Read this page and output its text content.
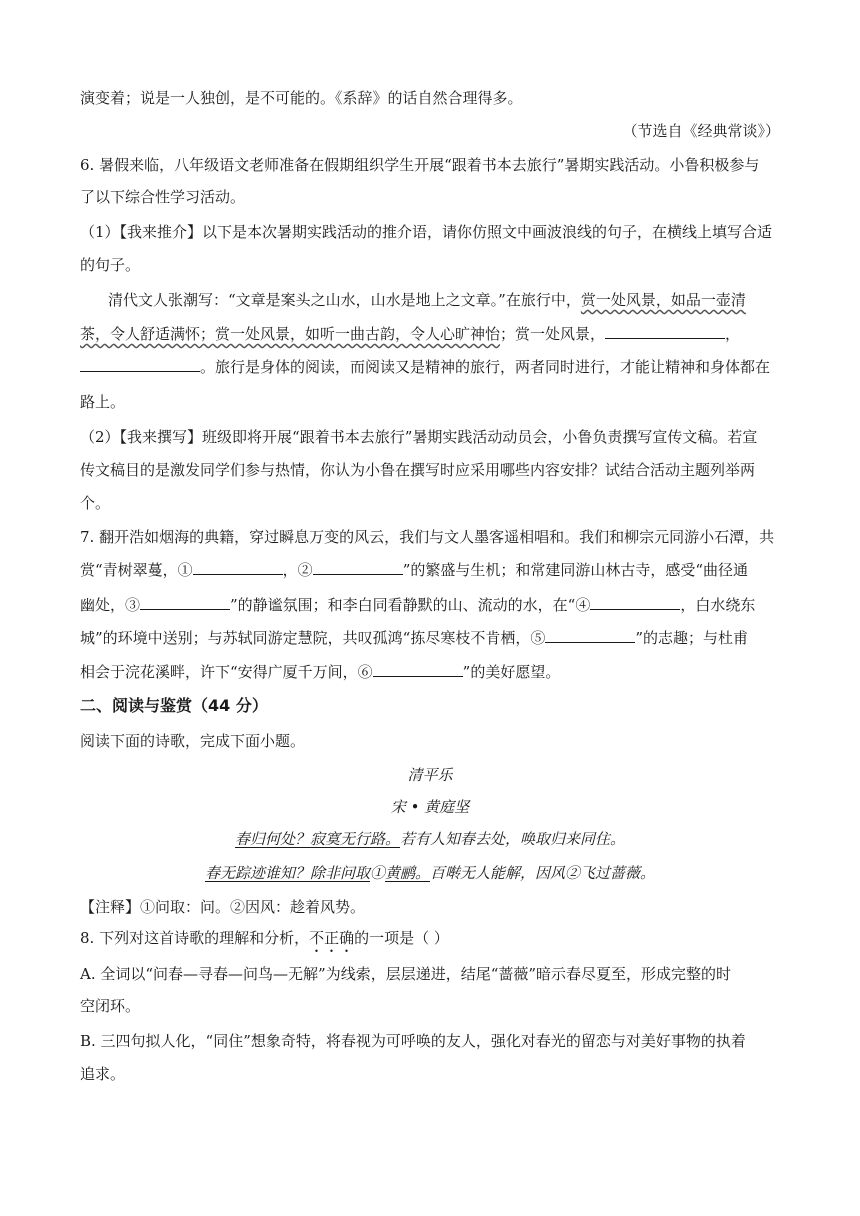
演变着；说是一人独创，是不可能的。《系辞》的话自然合理得多。
（节选自《经典常谈》）
6. 暑假来临，八年级语文老师准备在假期组织学生开展“跟着书本去旅行”暑期实践活动。小鲁积极参与
了以下综合性学习活动。
（1）【我来推介】以下是本次暑期实践活动的推介语，请你仿照文中画波浪线的句子，在横线上填写合适
的句子。
清代文人张潮写：“文章是案头之山水，山水是地上之文章。”在旅行中，赏一处风景，如品一壶清
茶，令人舒适满怀；赏一处风景，如听一曲古韵，令人心旷神怡；赏一处风景，	，
。旅行是身体的阅读，而阅读又是精神的旅行，两者同时进行，才能让精神和身体都在
路上。
（2）【我来撰写】班级即将开展“跟着书本去旅行”暑期实践活动动员会，小鲁负责撰写宣传文稿。若宣
传文稿目的是激发同学们参与热情，你认为小鲁在撰写时应采用哪些内容安排？试结合活动主题列举两
个。
7. 翻开浩如烟海的典籍，穿过瞬息万变的风云，我们与文人墨客遥相唱和。我们和柳宗元同游小石潭，共
赏“青树翠蔓，①	，②	”的繁盛与生机；和常建同游山林古寺，感受“曲径通
幽处，③	”的静谧氛围；和李白同看静默的山、流动的水，在“④	，白水绕东
城”的环境中送别；与苏轼同游定慧院，共叹孤鸿“拣尽寒枝不肯栖，⑤	”的志趣；与杜甫
相会于浣花溪畔，许下“安得广厦千万间，⑥	”的美好愿望。
二、阅读与鉴赏（44 分）
阅读下面的诗歌，完成下面小题。
清平乐
宋 • 黄庭坚
春归何处？寂寞无行路。若有人知春去处，唤取归来同住。
春无踪迹谁知？除非问取①黄鹂。百啭无人能解，因风②飞过蔷薇。
【注释】①问取：问。②因风：趁着风势。
8. 下列对这首诗歌的理解和分析，不正确的一项是（ ）
A. 全词以“问春—寻春—问鸟—无解”为线索，层层递进，结尾“蔷薇”暗示春尽夏至，形成完整的时
空闭环。
B. 三四句拟人化，“同住”想象奇特，将春视为可呼唤的友人，强化对春光的留恋与对美好事物的执着
追求。
